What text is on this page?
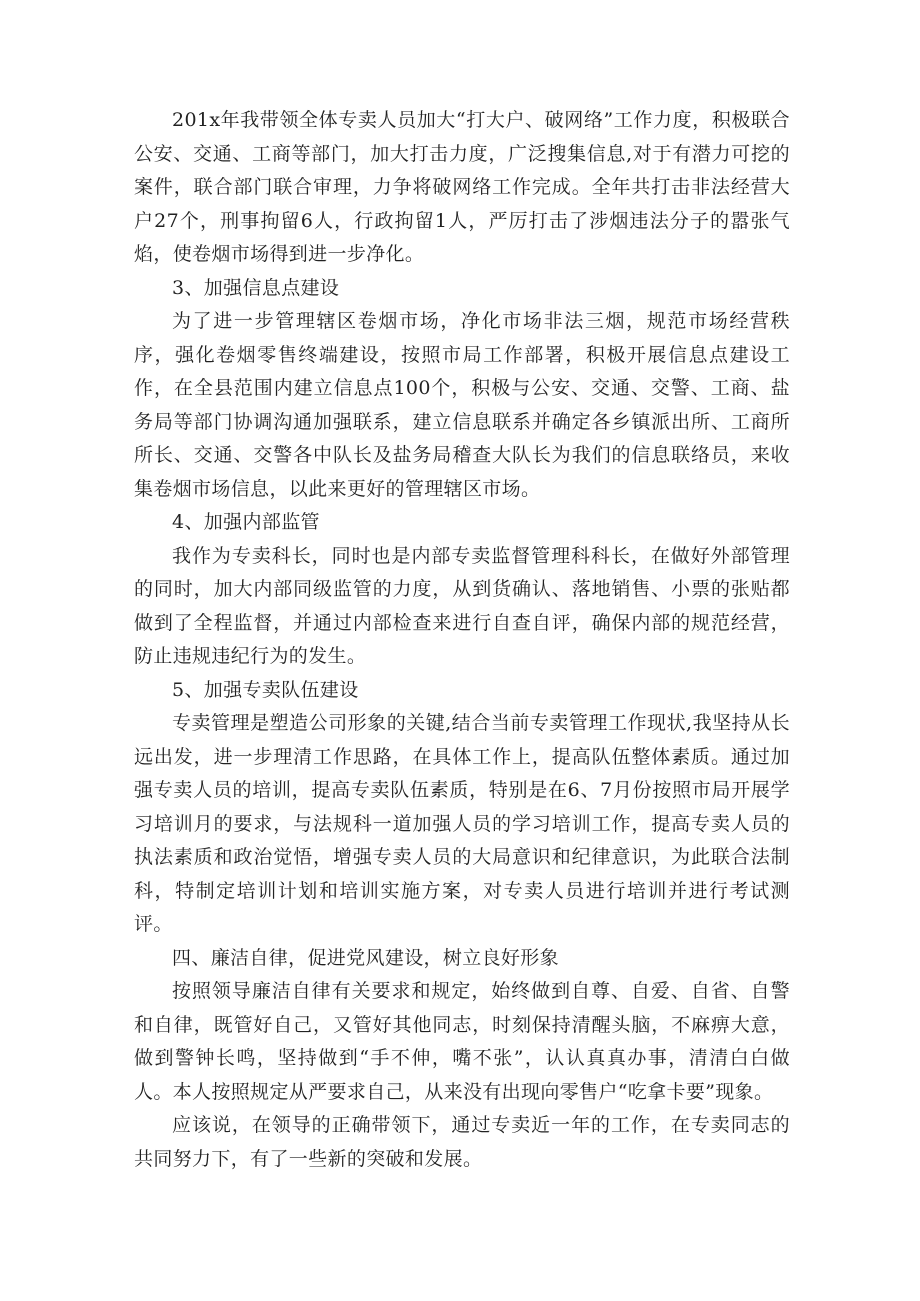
201x年我带领全体专卖人员加大“打大户、破网络”工作力度，积极联合公安、交通、工商等部门，加大打击力度，广泛搜集信息,对于有潜力可挖的案件，联合部门联合审理，力争将破网络工作完成。全年共打击非法经营大户27个，刑事拘留6人，行政拘留1人，严厉打击了涉烟违法分子的嚣张气焰，使卷烟市场得到进一步净化。

3、加强信息点建设

为了进一步管理辖区卷烟市场，净化市场非法三烟，规范市场经营秩序，强化卷烟零售终端建设，按照市局工作部署，积极开展信息点建设工作，在全县范围内建立信息点100个，积极与公安、交通、交警、工商、盐务局等部门协调沟通加强联系，建立信息联系并确定各乡镇派出所、工商所所长、交通、交警各中队长及盐务局稽查大队长为我们的信息联络员，来收集卷烟市场信息，以此来更好的管理辖区市场。

4、加强内部监管

我作为专卖科长，同时也是内部专卖监督管理科科长，在做好外部管理的同时，加大内部同级监管的力度，从到货确认、落地销售、小票的张贴都做到了全程监督，并通过内部检查来进行自查自评，确保内部的规范经营，防止违规违纪行为的发生。

5、加强专卖队伍建设

专卖管理是塑造公司形象的关键,结合当前专卖管理工作现状,我坚持从长远出发，进一步理清工作思路，在具体工作上，提高队伍整体素质。通过加强专卖人员的培训，提高专卖队伍素质，特别是在6、7月份按照市局开展学习培训月的要求，与法规科一道加强人员的学习培训工作，提高专卖人员的执法素质和政治觉悟，增强专卖人员的大局意识和纪律意识，为此联合法制科，特制定培训计划和培训实施方案，对专卖人员进行培训并进行考试测评。

四、廉洁自律，促进党风建设，树立良好形象

按照领导廉洁自律有关要求和规定，始终做到自尊、自爱、自省、自警和自律，既管好自己，又管好其他同志，时刻保持清醒头脑，不麻痹大意，做到警钟长鸣，坚持做到“手不伸，嘴不张”，认认真真办事，清清白白做人。本人按照规定从严要求自己，从来没有出现向零售户“吃拿卡要”现象。

应该说，在领导的正确带领下，通过专卖近一年的工作，在专卖同志的共同努力下，有了一些新的突破和发展。
